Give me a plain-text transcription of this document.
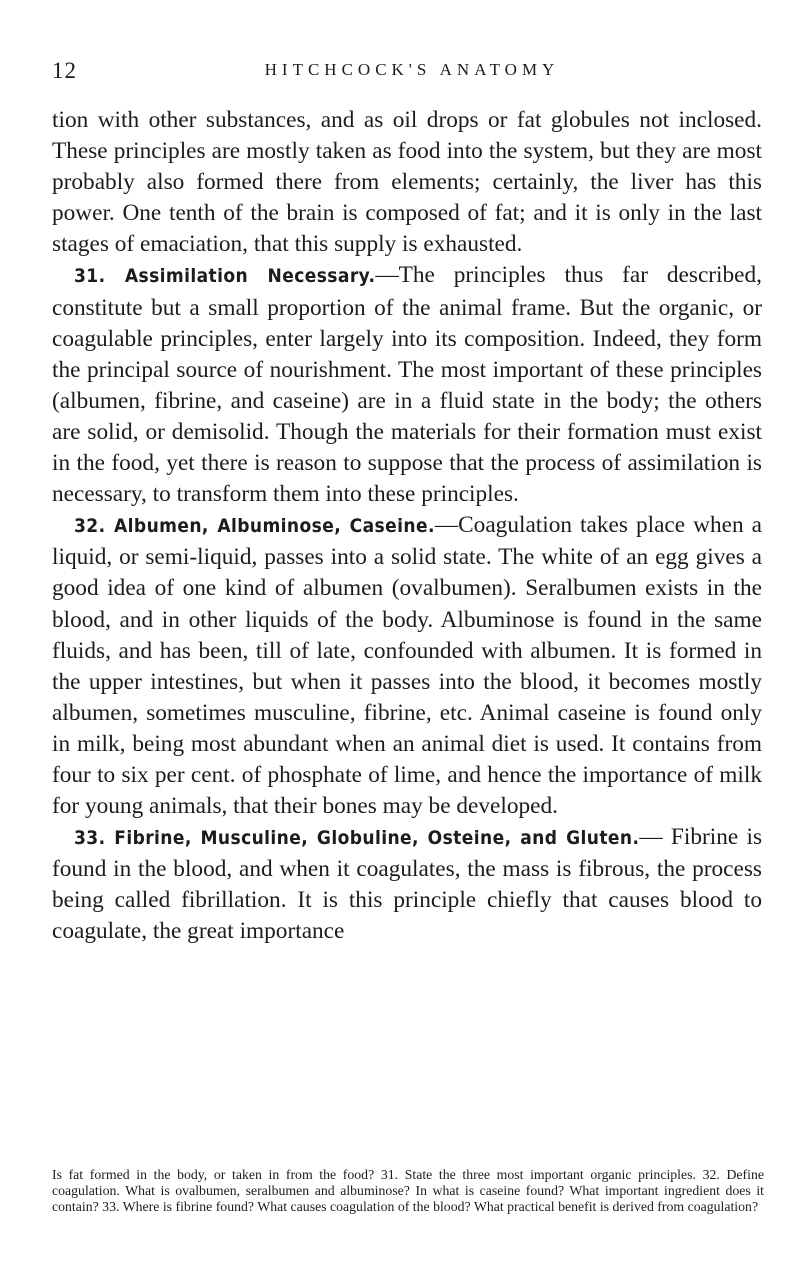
12	HITCHCOCK'S ANATOMY

tion with other substances, and as oil drops or fat globules not inclosed. These principles are mostly taken as food into the system, but they are most probably also formed there from elements; certainly, the liver has this power. One tenth of the brain is composed of fat; and it is only in the last stages of emaciation, that this supply is exhausted.

31. Assimilation Necessary.—The principles thus far described, constitute but a small proportion of the animal frame. But the organic, or coagulable principles, enter largely into its composition. Indeed, they form the principal source of nourishment. The most important of these principles (albumen, fibrine, and caseine) are in a fluid state in the body; the others are solid, or demisolid. Though the materials for their formation must exist in the food, yet there is reason to suppose that the process of assimilation is necessary, to transform them into these principles.

32. Albumen, Albuminose, Caseine.—Coagulation takes place when a liquid, or semi-liquid, passes into a solid state. The white of an egg gives a good idea of one kind of albumen (ovalbumen). Seralbumen exists in the blood, and in other liquids of the body. Albuminose is found in the same fluids, and has been, till of late, confounded with albumen. It is formed in the upper intestines, but when it passes into the blood, it becomes mostly albumen, sometimes musculine, fibrine, etc. Animal caseine is found only in milk, being most abundant when an animal diet is used. It contains from four to six per cent. of phosphate of lime, and hence the importance of milk for young animals, that their bones may be developed.

33. Fibrine, Musculine, Globuline, Osteine, and Gluten.— Fibrine is found in the blood, and when it coagulates, the mass is fibrous, the process being called fibrillation. It is this principle chiefly that causes blood to coagulate, the great importance

Is fat formed in the body, or taken in from the food? 31. State the three most important organic principles. 32. Define coagulation. What is ovalbumen, seralbumen and albuminose? In what is caseine found? What important ingredient does it contain? 33. Where is fibrine found? What causes coagulation of the blood? What practical benefit is derived from coagulation?
